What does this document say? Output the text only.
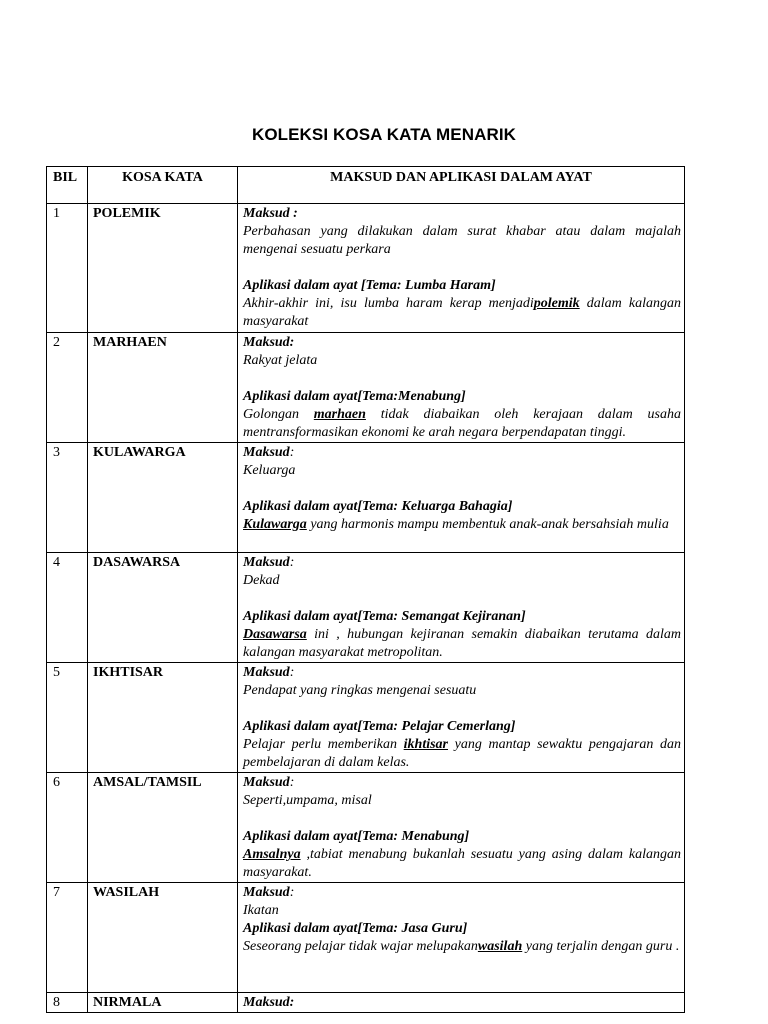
KOLEKSI KOSA KATA MENARIK
BIL	KOSA KATA	MAKSUD DAN APLIKASI DALAM AYAT
1	POLEMIK	Maksud :
Perbahasan yang dilakukan dalam surat khabar atau dalam majalah mengenai sesuatu perkara
Aplikasi dalam ayat [Tema: Lumba Haram]
Akhir-akhir ini, isu lumba haram kerap menjadipolemik dalam kalangan masyarakat

2	MARHAEN	Maksud:
Rakyat jelata
Aplikasi dalam ayat[Tema:Menabung]
Golongan marhaen tidak diabaikan oleh kerajaan dalam usaha mentransformasikan ekonomi ke arah negara berpendapatan tinggi.

3	KULAWARGA	Maksud:
Keluarga
Aplikasi dalam ayat[Tema: Keluarga Bahagia]
Kulawarga yang harmonis mampu membentuk anak-anak bersahsiah mulia

4	DASAWARSA	Maksud:
Dekad
Aplikasi dalam ayat[Tema: Semangat Kejiranan]
Dasawarsa ini , hubungan kejiranan semakin diabaikan terutama dalam kalangan masyarakat metropolitan.

5	IKHTISAR	Maksud:
Pendapat yang ringkas mengenai sesuatu
Aplikasi dalam ayat[Tema: Pelajar Cemerlang]
Pelajar perlu memberikan ikhtisar yang mantap sewaktu pengajaran dan pembelajaran di dalam kelas.

6	AMSAL/TAMSIL	Maksud:
Seperti,umpama, misal
Aplikasi dalam ayat[Tema: Menabung]
Amsalnya ,tabiat menabung bukanlah sesuatu yang asing dalam kalangan masyarakat.

7	WASILAH	Maksud:
Ikatan
Aplikasi dalam ayat[Tema: Jasa Guru]
Seseorang pelajar tidak wajar melupakanwasilah yang terjalin dengan guru .

8	NIRMALA	Maksud:
